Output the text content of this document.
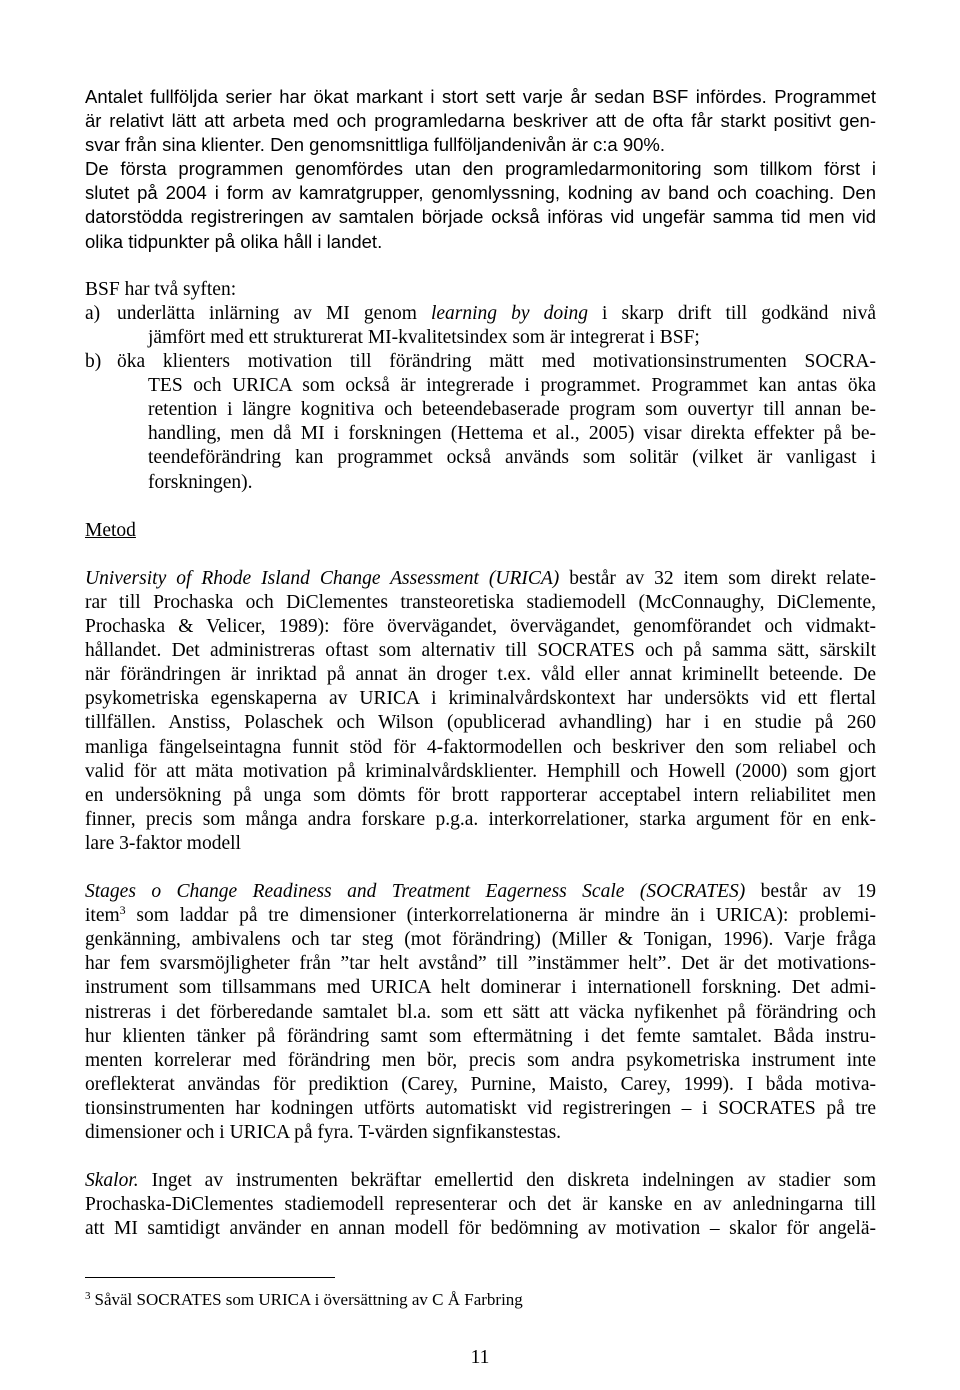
Antalet fullföljda serier har ökat markant i stort sett varje år sedan BSF infördes. Programmet
är relativt lätt att arbeta med och programledarna beskriver att de ofta får starkt positivt gen-
svar från sina klienter. Den genomsnittliga fullföljandenivån är c:a 90%.
De första programmen genomfördes utan den programledarmonitoring som tillkom först i
slutet på 2004 i form av kamratgrupper, genomlyssning, kodning av band och coaching. Den
datorstödda registreringen av samtalen började också införas vid ungefär samma tid men vid
olika tidpunkter på olika håll i landet.
BSF har två syften:
a) underlätta inlärning av MI genom learning by doing i skarp drift till godkänd nivå
jämfört med ett strukturerat MI-kvalitetsindex som är integrerat i BSF;
b) öka klienters motivation till förändring mätt med motivationsinstrumenten SOCRA-
TES och URICA som också är integrerade i programmet. Programmet kan antas öka
retention i längre kognitiva och beteendebaserade program som ouvertyr till annan be-
handling, men då MI i forskningen (Hettema et al., 2005) visar direkta effekter på be-
teendeförändring kan programmet också används som solitär (vilket är vanligast i
forskningen).
Metod
University of Rhode Island Change Assessment (URICA) består av 32 item som direkt relate-
rar till Prochaska och DiClementes transteoretiska stadiemodell (McConnaughy, DiClemente,
Prochaska & Velicer, 1989): före övervägandet, övervägandet, genomförandet och vidmakt-
hållandet. Det administreras oftast som alternativ till SOCRATES och på samma sätt, särskilt
när förändringen är inriktad på annat än droger t.ex. våld eller annat kriminellt beteende. De
psykometriska egenskaperna av URICA i kriminalvårdskontext har undersökts vid ett flertal
tillfällen. Anstiss, Polaschek och Wilson (opublicerad avhandling) har i en studie på 260
manliga fängelseintagna funnit stöd för 4-faktormodellen och beskriver den som reliabel och
valid för att mäta motivation på kriminalvårdsklienter. Hemphill och Howell (2000) som gjort
en undersökning på unga som dömts för brott rapporterar acceptabel intern reliabilitet men
finner, precis som många andra forskare p.g.a. interkorrelationer, starka argument för en enk-
lare 3-faktor modell
Stages o Change Readiness and Treatment Eagerness Scale (SOCRATES) består av 19
item$^3$ som laddar på tre dimensioner (interkorrelationerna är mindre än i URICA): problemi-
genkänning, ambivalens och tar steg (mot förändring) (Miller & Tonigan, 1996). Varje fråga
har fem svarsmöjligheter från ”tar helt avstånd” till ”instämmer helt”. Det är det motivations-
instrument som tillsammans med URICA helt dominerar i internationell forskning. Det admi-
nistreras i det förberedande samtalet bl.a. som ett sätt att väcka nyfikenhet på förändring och
hur klienten tänker på förändring samt som eftermätning i det femte samtalet. Båda instru-
menten korrelerar med förändring men bör, precis som andra psykometriska instrument inte
oreflekterat användas för prediktion (Carey, Purnine, Maisto, Carey, 1999). I båda motiva-
tionsinstrumenten har kodningen utförts automatiskt vid registreringen – i SOCRATES på tre
dimensioner och i URICA på fyra. T-värden signfikanstestas.
Skalor. Inget av instrumenten bekräftar emellertid den diskreta indelningen av stadier som
Prochaska-DiClementes stadiemodell representerar och det är kanske en av anledningarna till
att MI samtidigt använder en annan modell för bedömning av motivation – skalor för angelä-
$^3$ Såväl SOCRATES som URICA i översättning av C Å Farbring
11
